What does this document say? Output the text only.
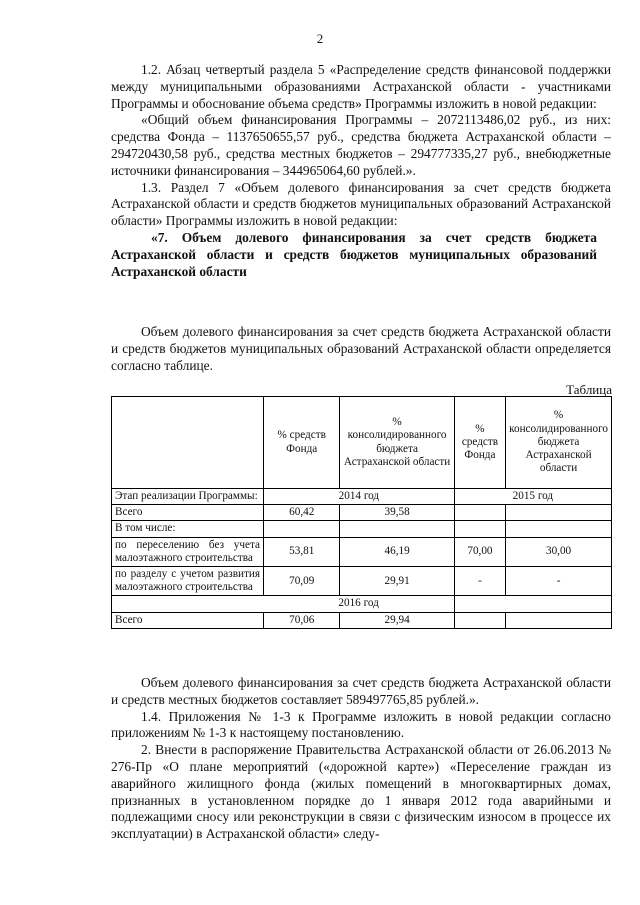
2

1.2. Абзац четвертый раздела 5 «Распределение средств финансовой поддержки между муниципальными образованиями Астраханской области - участниками Программы и обоснование объема средств» Программы изложить в новой редакции:

«Общий объем финансирования Программы – 2072113486,02 руб., из них: средства Фонда – 1137650655,57 руб., средства бюджета Астраханской области – 294720430,58 руб., средства местных бюджетов – 294777335,27 руб., внебюджетные источники финансирования – 344965064,60 рублей.».

1.3. Раздел 7 «Объем долевого финансирования за счет средств бюджета Астраханской области и средств бюджетов муниципальных образований Астраханской области» Программы изложить в новой редакции:

«7. Объем долевого финансирования за счет средств бюджета Астраханской области и средств бюджетов муниципальных образований Астраханской области

Объем долевого финансирования за счет средств бюджета Астраханской области и средств бюджетов муниципальных образований Астраханской области определяется согласно таблице.

Таблица
	% средств Фонда	% консолидированного бюджета Астраханской области	% средств Фонда	% консолидированного бюджета Астраханской области
Этап реализации Программы:	2014 год		2015 год	
Всего	60,42	39,58		
В том числе:				
по переселению без учета малоэтажного строительства	53,81	46,19	70,00	30,00
по разделу с учетом развития малоэтажного строительства	70,09	29,91	-	-
	2016 год			
Всего	70,06	29,94		

Объем долевого финансирования за счет средств бюджета Астраханской области и средств местных бюджетов составляет 589497765,85 рублей.».

1.4. Приложения № 1-3 к Программе изложить в новой редакции согласно приложениям № 1-3 к настоящему постановлению.

2. Внести в распоряжение Правительства Астраханской области от 26.06.2013 № 276-Пр «О плане мероприятий («дорожной карте») «Переселение граждан из аварийного жилищного фонда (жилых помещений в многоквартирных домах, признанных в установленном порядке до 1 января 2012 года аварийными и подлежащими сносу или реконструкции в связи с физическим износом в процессе их эксплуатации) в Астраханской области» следу-
